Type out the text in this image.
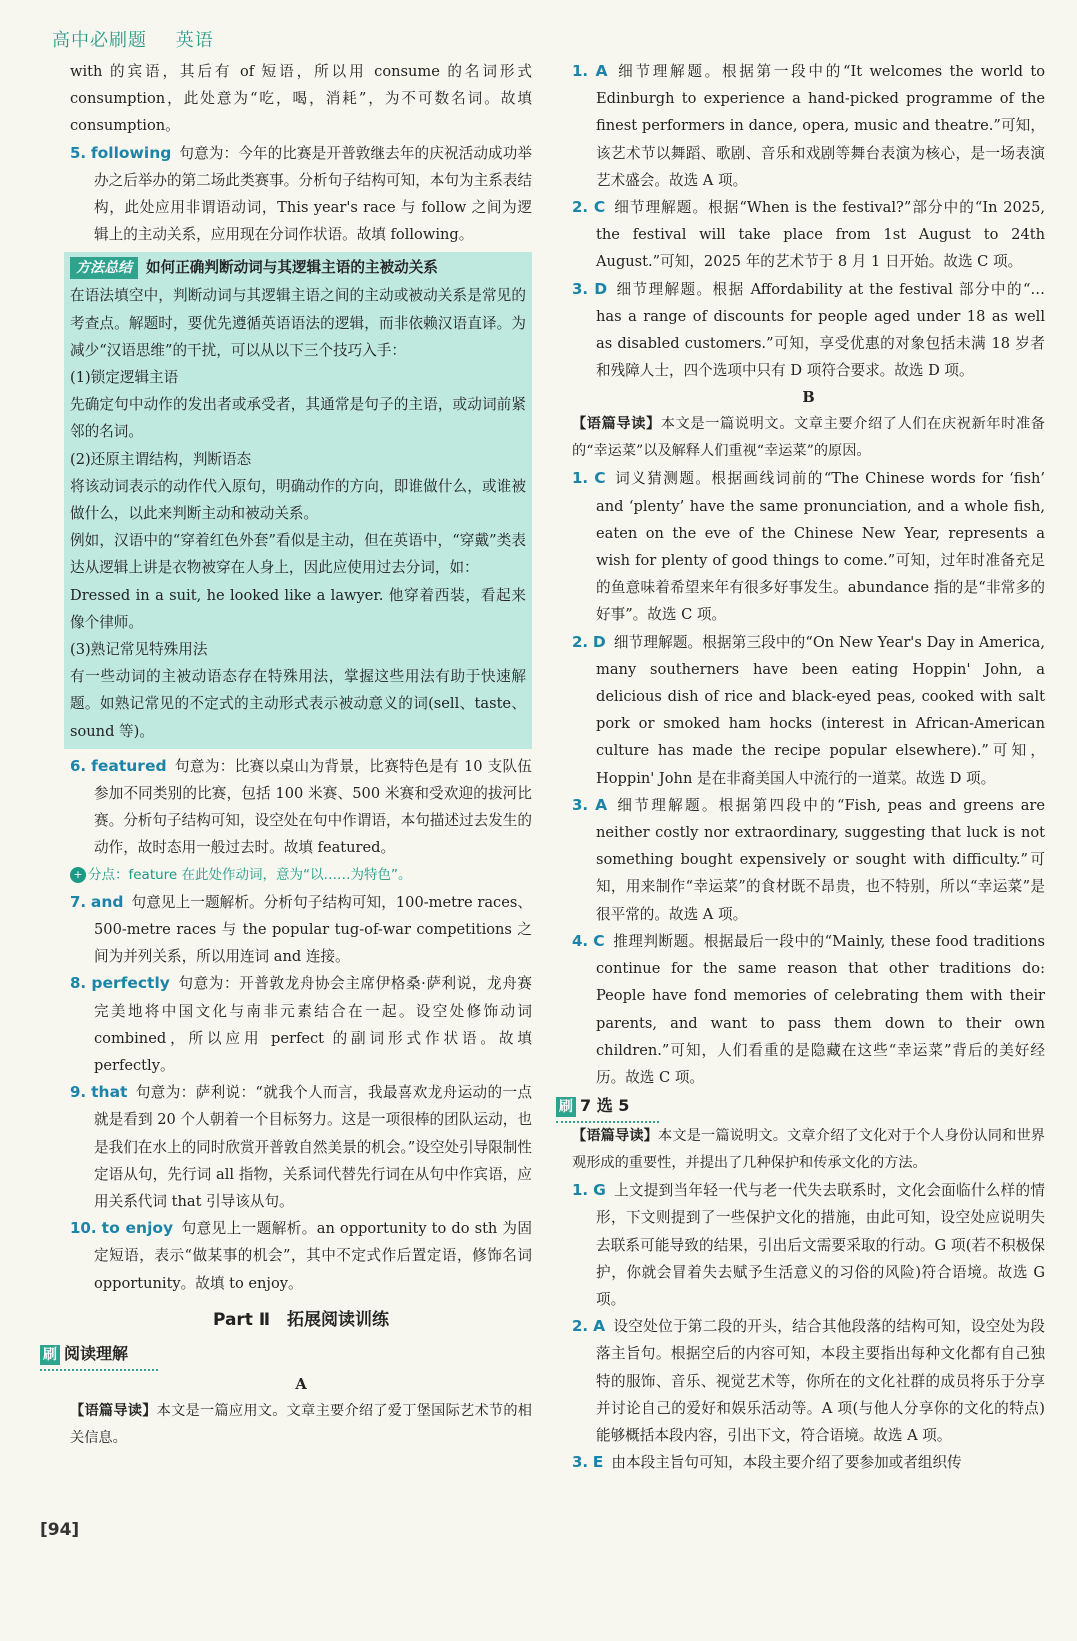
高中必刷题 英语

with 的宾语，其后有 of 短语，所以用 consume 的名词形式 consumption，此处意为“吃，喝，消耗”，为不可数名词。故填 consumption。

5. following 句意为：今年的比赛是开普敦继去年的庆祝活动成功举办之后举办的第二场此类赛事。分析句子结构可知，本句为主系表结构，此处应用非谓语动词，This year's race 与 follow 之间为逻辑上的主动关系，应用现在分词作状语。故填 following。

方法总结 如何正确判断动词与其逻辑主语的主被动关系

在语法填空中，判断动词与其逻辑主语之间的主动或被动关系是常见的考查点。解题时，要优先遵循英语语法的逻辑，而非依赖汉语直译。为减少“汉语思维”的干扰，可以从以下三个技巧入手：

(1)锁定逻辑主语

先确定句中动作的发出者或承受者，其通常是句子的主语，或动词前紧邻的名词。

(2)还原主谓结构，判断语态

将该动词表示的动作代入原句，明确动作的方向，即谁做什么，或谁被做什么，以此来判断主动和被动关系。

例如，汉语中的“穿着红色外套”看似是主动，但在英语中，“穿戴”类表达从逻辑上讲是衣物被穿在人身上，因此应使用过去分词，如：

Dressed in a suit, he looked like a lawyer. 他穿着西装，看起来像个律师。

(3)熟记常见特殊用法

有一些动词的主被动语态存在特殊用法，掌握这些用法有助于快速解题。如熟记常见的不定式的主动形式表示被动意义的词(sell、taste、sound 等)。

6. featured 句意为：比赛以桌山为背景，比赛特色是有 10 支队伍参加不同类别的比赛，包括 100 米赛、500 米赛和受欢迎的拔河比赛。分析句子结构可知，设空处在句中作谓语，本句描述过去发生的动作，故时态用一般过去时。故填 featured。

+ 分点：feature 在此处作动词，意为“以……为特色”。

7. and 句意见上一题解析。分析句子结构可知，100-metre races、500-metre races 与 the popular tug-of-war competitions 之间为并列关系，所以用连词 and 连接。

8. perfectly 句意为：开普敦龙舟协会主席伊格桑·萨利说，龙舟赛完美地将中国文化与南非元素结合在一起。设空处修饰动词 combined，所以应用 perfect 的副词形式作状语。故填 perfectly。

9. that 句意为：萨利说：“就我个人而言，我最喜欢龙舟运动的一点就是看到 20 个人朝着一个目标努力。这是一项很棒的团队运动，也是我们在水上的同时欣赏开普敦自然美景的机会。”设空处引导限制性定语从句，先行词 all 指物，关系词代替先行词在从句中作宾语，应用关系代词 that 引导该从句。

10. to enjoy 句意见上一题解析。an opportunity to do sth 为固定短语，表示“做某事的机会”，其中不定式作后置定语，修饰名词 opportunity。故填 to enjoy。

Part Ⅱ　拓展阅读训练
刷 阅读理解
A

【语篇导读】本文是一篇应用文。文章主要介绍了爱丁堡国际艺术节的相关信息。

1. A 细节理解题。根据第一段中的“It welcomes the world to Edinburgh to experience a hand-picked programme of the finest performers in dance, opera, music and theatre.”可知，该艺术节以舞蹈、歌剧、音乐和戏剧等舞台表演为核心，是一场表演艺术盛会。故选 A 项。

2. C 细节理解题。根据“When is the festival?”部分中的“In 2025, the festival will take place from 1st August to 24th August.”可知，2025 年的艺术节于 8 月 1 日开始。故选 C 项。

3. D 细节理解题。根据 Affordability at the festival 部分中的“… has a range of discounts for people aged under 18 as well as disabled customers.”可知，享受优惠的对象包括未满 18 岁者和残障人士，四个选项中只有 D 项符合要求。故选 D 项。

B

【语篇导读】本文是一篇说明文。文章主要介绍了人们在庆祝新年时准备的“幸运菜”以及解释人们重视“幸运菜”的原因。

1. C 词义猜测题。根据画线词前的“The Chinese words for ‘fish’ and ‘plenty’ have the same pronunciation, and a whole fish, eaten on the eve of the Chinese New Year, represents a wish for plenty of good things to come.”可知，过年时准备充足的鱼意味着希望来年有很多好事发生。abundance 指的是“非常多的好事”。故选 C 项。

2. D 细节理解题。根据第三段中的“On New Year's Day in America, many southerners have been eating Hoppin' John, a delicious dish of rice and black-eyed peas, cooked with salt pork or smoked ham hocks (interest in African-American culture has made the recipe popular elsewhere).”可知，Hoppin' John 是在非裔美国人中流行的一道菜。故选 D 项。

3. A 细节理解题。根据第四段中的“Fish, peas and greens are neither costly nor extraordinary, suggesting that luck is not something bought expensively or sought with difficulty.”可知，用来制作“幸运菜”的食材既不昂贵，也不特别，所以“幸运菜”是很平常的。故选 A 项。

4. C 推理判断题。根据最后一段中的“Mainly, these food traditions continue for the same reason that other traditions do: People have fond memories of celebrating them with their parents, and want to pass them down to their own children.”可知，人们看重的是隐藏在这些“幸运菜”背后的美好经历。故选 C 项。

刷 7 选 5

【语篇导读】本文是一篇说明文。文章介绍了文化对于个人身份认同和世界观形成的重要性，并提出了几种保护和传承文化的方法。

1. G 上文提到当年轻一代与老一代失去联系时，文化会面临什么样的情形，下文则提到了一些保护文化的措施，由此可知，设空处应说明失去联系可能导致的结果，引出后文需要采取的行动。G 项(若不积极保护，你就会冒着失去赋予生活意义的习俗的风险)符合语境。故选 G 项。

2. A 设空处位于第二段的开头，结合其他段落的结构可知，设空处为段落主旨句。根据空后的内容可知，本段主要指出每种文化都有自己独特的服饰、音乐、视觉艺术等，你所在的文化社群的成员将乐于分享并讨论自己的爱好和娱乐活动等。A 项(与他人分享你的文化的特点)能够概括本段内容，引出下文，符合语境。故选 A 项。

3. E 由本段主旨句可知，本段主要介绍了要参加或者组织传

[94]
